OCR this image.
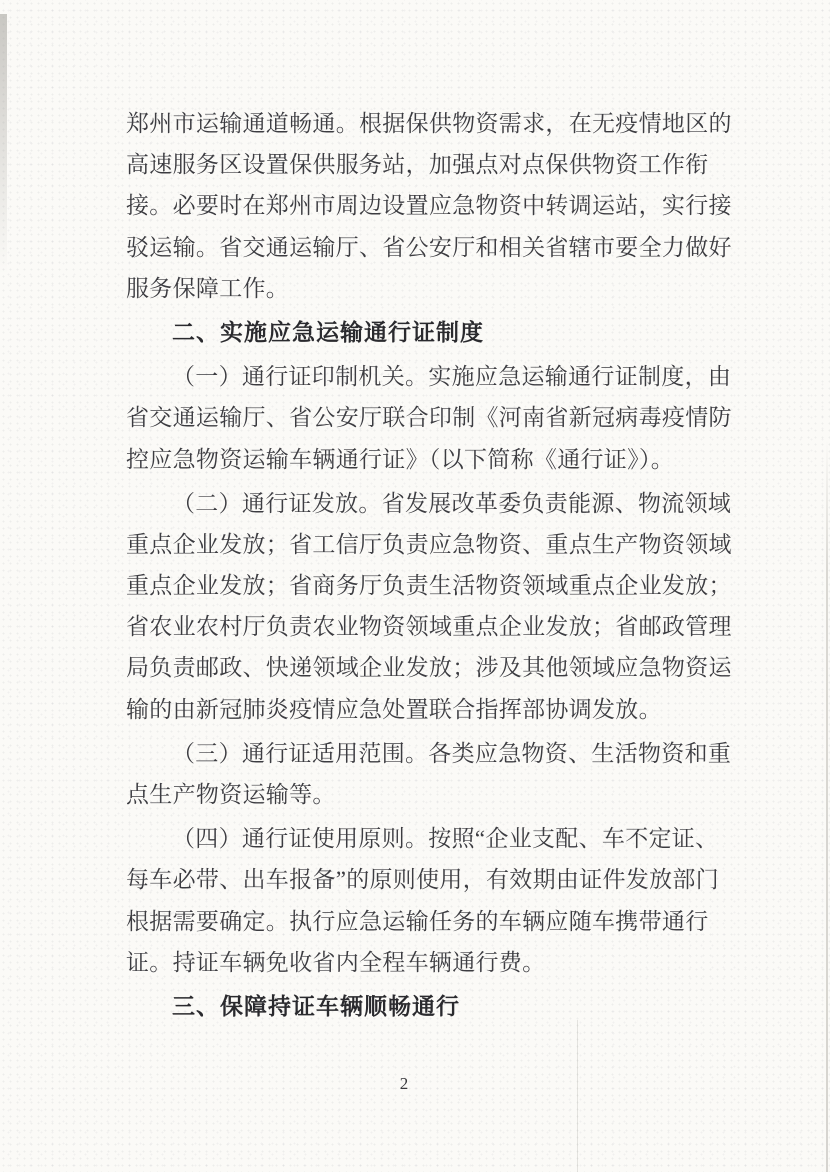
郑州市运输通道畅通。根据保供物资需求，在无疫情地区的
高速服务区设置保供服务站，加强点对点保供物资工作衔
接。必要时在郑州市周边设置应急物资中转调运站，实行接
驳运输。省交通运输厅、省公安厅和相关省辖市要全力做好
服务保障工作。
二、实施应急运输通行证制度
（一）通行证印制机关。实施应急运输通行证制度，由
省交通运输厅、省公安厅联合印制《河南省新冠病毒疫情防
控应急物资运输车辆通行证》（以下简称《通行证》）。
（二）通行证发放。省发展改革委负责能源、物流领域
重点企业发放；省工信厅负责应急物资、重点生产物资领域
重点企业发放；省商务厅负责生活物资领域重点企业发放；
省农业农村厅负责农业物资领域重点企业发放；省邮政管理
局负责邮政、快递领域企业发放；涉及其他领域应急物资运
输的由新冠肺炎疫情应急处置联合指挥部协调发放。
（三）通行证适用范围。各类应急物资、生活物资和重
点生产物资运输等。
（四）通行证使用原则。按照“企业支配、车不定证、
每车必带、出车报备”的原则使用，有效期由证件发放部门
根据需要确定。执行应急运输任务的车辆应随车携带通行
证。持证车辆免收省内全程车辆通行费。
三、保障持证车辆顺畅通行
2
